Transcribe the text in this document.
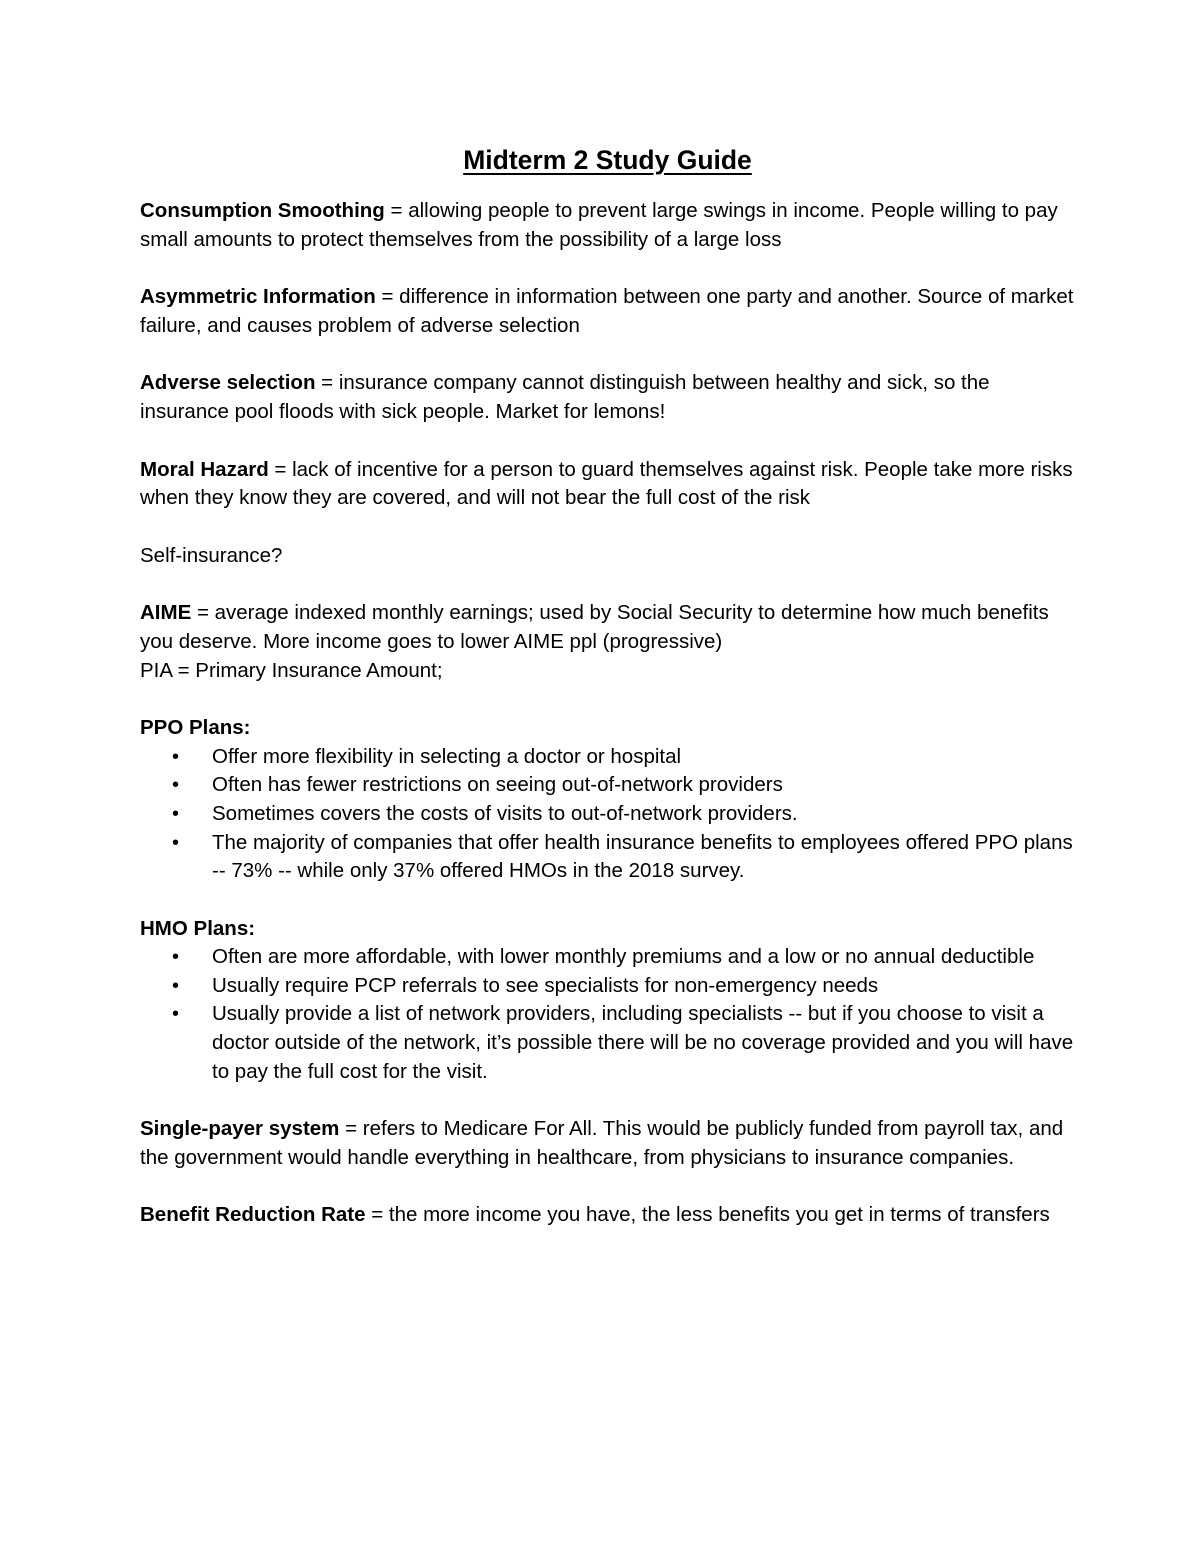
Midterm 2 Study Guide

Consumption Smoothing = allowing people to prevent large swings in income. People willing to pay small amounts to protect themselves from the possibility of a large loss

Asymmetric Information = difference in information between one party and another. Source of market failure, and causes problem of adverse selection

Adverse selection = insurance company cannot distinguish between healthy and sick, so the insurance pool floods with sick people. Market for lemons!

Moral Hazard = lack of incentive for a person to guard themselves against risk. People take more risks when they know they are covered, and will not bear the full cost of the risk

Self-insurance?

AIME = average indexed monthly earnings; used by Social Security to determine how much benefits you deserve. More income goes to lower AIME ppl (progressive)

PIA = Primary Insurance Amount;

PPO Plans:

• Offer more flexibility in selecting a doctor or hospital
• Often has fewer restrictions on seeing out-of-network providers
• Sometimes covers the costs of visits to out-of-network providers.
• The majority of companies that offer health insurance benefits to employees offered PPO plans -- 73% -- while only 37% offered HMOs in the 2018 survey.

HMO Plans:

• Often are more affordable, with lower monthly premiums and a low or no annual deductible
• Usually require PCP referrals to see specialists for non-emergency needs
• Usually provide a list of network providers, including specialists -- but if you choose to visit a doctor outside of the network, it’s possible there will be no coverage provided and you will have to pay the full cost for the visit.

Single-payer system = refers to Medicare For All. This would be publicly funded from payroll tax, and the government would handle everything in healthcare, from physicians to insurance companies.

Benefit Reduction Rate = the more income you have, the less benefits you get in terms of transfers
